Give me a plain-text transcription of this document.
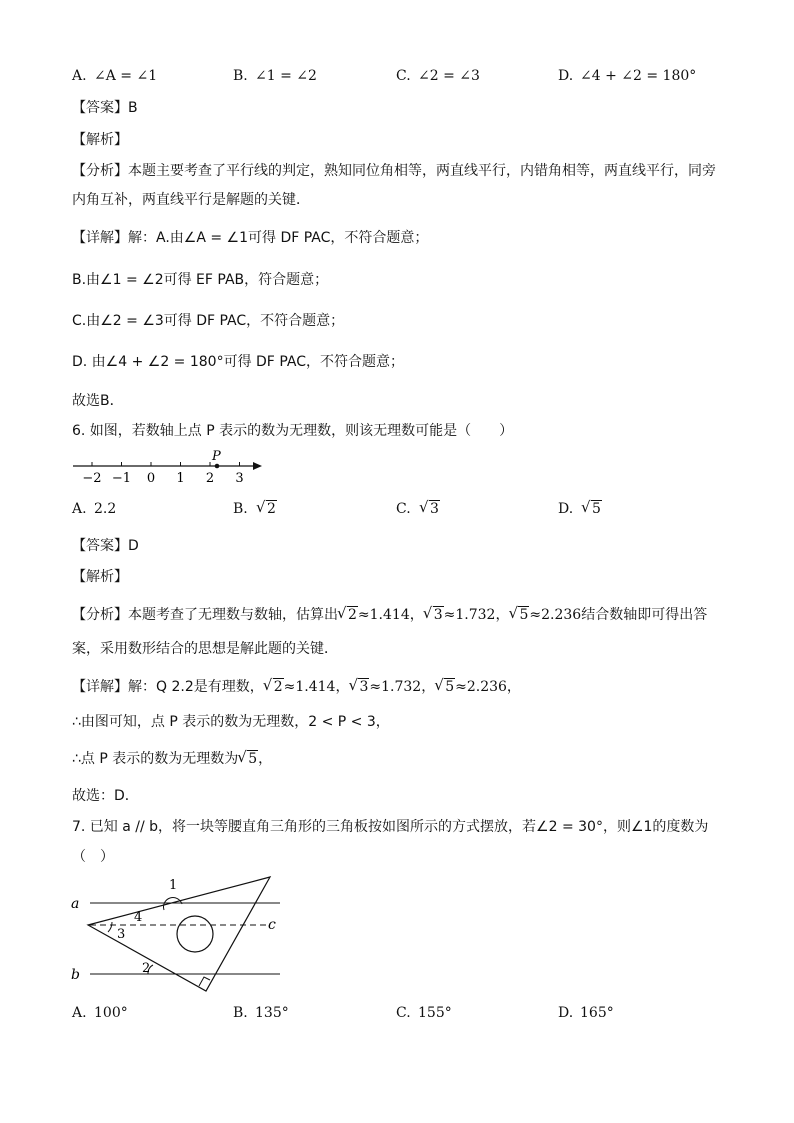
A. ∠A = ∠1	B. ∠1 = ∠2	C. ∠2 = ∠3	D. ∠4 + ∠2 = 180°
【答案】B
【解析】
【分析】本题主要考查了平行线的判定，熟知同位角相等，两直线平行，内错角相等，两直线平行，同旁
内角互补，两直线平行是解题的关键．
【详解】解：A.由∠A = ∠1可得 DF PAC，不符合题意；
B.由∠1 = ∠2可得 EF PAB，符合题意；
C.由∠2 = ∠3可得 DF PAC，不符合题意；
D. 由∠4 + ∠2 = 180°可得 DF PAC，不符合题意；
故选B．
6. 如图，若数轴上点 P 表示的数为无理数，则该无理数可能是（　　）
−2 −1 0 1 2 3
P
A. 2.2	B.	√ 2	C.	√ 3	D.	√ 5
【答案】D
【解析】
【分析】本题考查了无理数与数轴，估算出 √ 2≈1.414， √ 3≈1.732， √ 5≈2.236结合数轴即可得出答
案，采用数形结合的思想是解此题的关键．
【详解】解：Q 2.2是有理数， √ 2≈1.414， √ 3≈1.732， √ 5≈2.236，
∴由图可知，点 P 表示的数为无理数，2 < P < 3，
∴点 P 表示的数为无理数为 √ 5，
故选：D．
7. 已知 a // b，将一块等腰直角三角形的三角板按如图所示的方式摆放，若∠2 = 30°，则∠1的度数为
（　）
a
b
c
1
2
3
4
A. 100°	B. 135°	C. 155°	D. 165°
